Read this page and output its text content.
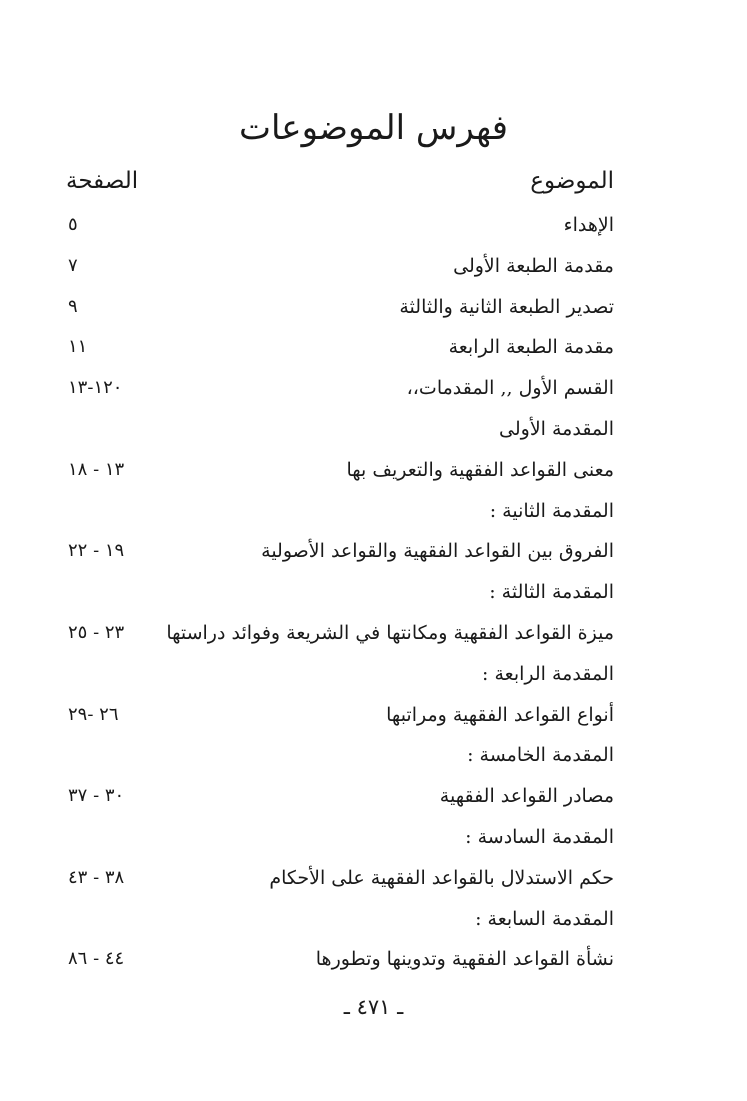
فهرس الموضوعات
الموضوع
الصفحة
الإهداء
٥
مقدمة الطبعة الأولى
٧
تصدير الطبعة الثانية والثالثة
٩
مقدمة الطبعة الرابعة
١١
القسم الأول ,, المقدمات،،
١٢٠-١٣
المقدمة الأولى
معنى القواعد الفقهية والتعريف بها
١٣ - ١٨
المقدمة الثانية :
الفروق بين القواعد الفقهية والقواعد الأصولية
١٩ - ٢٢
المقدمة الثالثة :
ميزة القواعد الفقهية ومكانتها في الشريعة وفوائد دراستها
٢٣ - ٢٥
المقدمة الرابعة :
أنواع القواعد الفقهية ومراتبها
٢٦ -٢٩
المقدمة الخامسة :
مصادر القواعد الفقهية
٣٠ - ٣٧
المقدمة السادسة :
حكم الاستدلال بالقواعد الفقهية على الأحكام
٣٨ - ٤٣
المقدمة السابعة :
نشأة القواعد الفقهية وتدوينها وتطورها
٤٤ - ٨٦
ـ ٤٧١ ـ
